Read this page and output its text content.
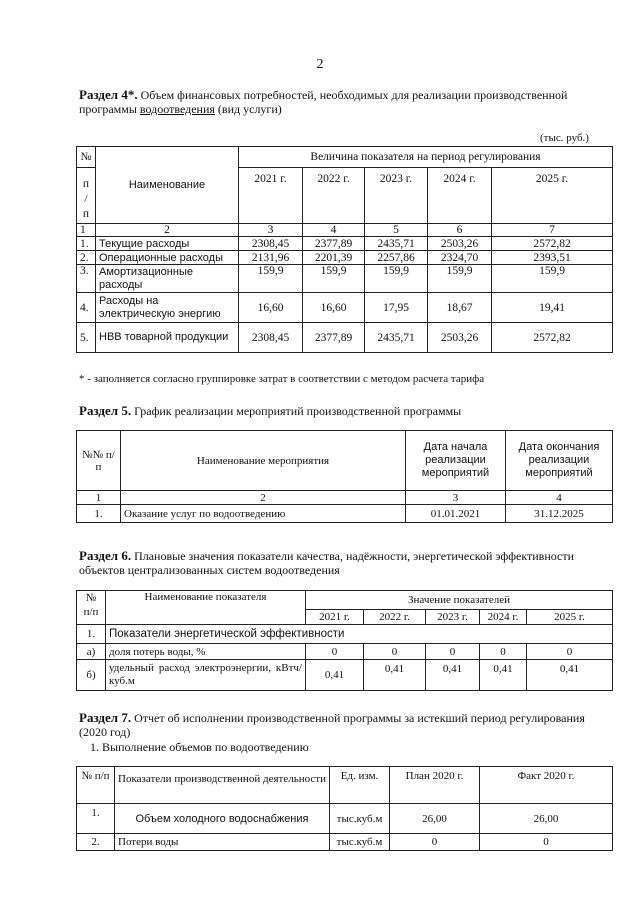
2
Раздел 4*. Объем финансовых потребностей, необходимых для реализации производственной программы водоотведения (вид услуги)
(тыс. руб.)
№	Наименование	Величина показателя на период регулирования				

п
/
п		2021 г.	2022 г.	2023 г.	2024 г.	2025 г.
1	2	3	4	5	6	7
1.	Текущие расходы	2308,45	2377,89	2435,71	2503,26	2572,82
2.	Операционные расходы	2131,96	2201,39	2257,86	2324,70	2393,51
3.	Амортизационные расходы	159,9	159,9	159,9	159,9	159,9
4.	Расходы на электрическую энергию	16,60	16,60	17,95	18,67	19,41
5.	НВВ товарной продукции	2308,45	2377,89	2435,71	2503,26	2572,82
* - заполняется согласно группировке затрат в соответствии с методом расчета тарифа
Раздел 5. График реализации мероприятий производственной программы
№№ п/п	Наименование мероприятия	Дата начала реализации мероприятий	Дата окончания реализации мероприятий
1	2	3	4
1.	Оказание услуг по водоотведению	01.01.2021	31.12.2025
Раздел 6. Плановые значения показатели качества, надёжности, энергетической эффективности объектов централизованных систем водоотведения
№ п/п	Наименование показателя	Значение показателей				
		2021 г.	2022 г.	2023 г.	2024 г.	2025 г.
1.	Показатели энергетической эффективности					
а)	доля потерь воды, %	0	0	0	0	0
б)	удельный расход электроэнергии, кВтч/куб.м	0,41	0,41	0,41	0,41	0,41
Раздел 7. Отчет об исполнении производственной программы за истекший период регулирования (2020 год)
1. Выполнение объемов по водоотведению
№ п/п	Показатели производственной деятельности	Ед. изм.	План 2020 г.	Факт 2020 г.
1.	Объем холодного водоснабжения	тыс.куб.м	26,00	26,00
2.	Потери воды	тыс.куб.м	0	0
